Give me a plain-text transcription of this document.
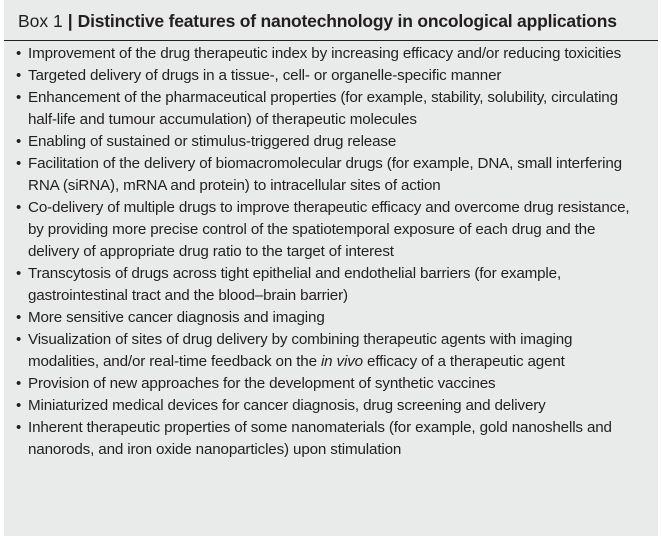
Box 1 | Distinctive features of nanotechnology in oncological applications
• Improvement of the drug therapeutic index by increasing efficacy and/or reducing toxicities
• Targeted delivery of drugs in a tissue-, cell- or organelle-specific manner
• Enhancement of the pharmaceutical properties (for example, stability, solubility, circulating half-life and tumour accumulation) of therapeutic molecules
• Enabling of sustained or stimulus-triggered drug release
• Facilitation of the delivery of biomacromolecular drugs (for example, DNA, small interfering RNA (siRNA), mRNA and protein) to intracellular sites of action
• Co-delivery of multiple drugs to improve therapeutic efficacy and overcome drug resistance, by providing more precise control of the spatiotemporal exposure of each drug and the delivery of appropriate drug ratio to the target of interest
• Transcytosis of drugs across tight epithelial and endothelial barriers (for example, gastrointestinal tract and the blood–brain barrier)
• More sensitive cancer diagnosis and imaging
• Visualization of sites of drug delivery by combining therapeutic agents with imaging modalities, and/or real-time feedback on the in vivo efficacy of a therapeutic agent
• Provision of new approaches for the development of synthetic vaccines
• Miniaturized medical devices for cancer diagnosis, drug screening and delivery
• Inherent therapeutic properties of some nanomaterials (for example, gold nanoshells and nanorods, and iron oxide nanoparticles) upon stimulation
